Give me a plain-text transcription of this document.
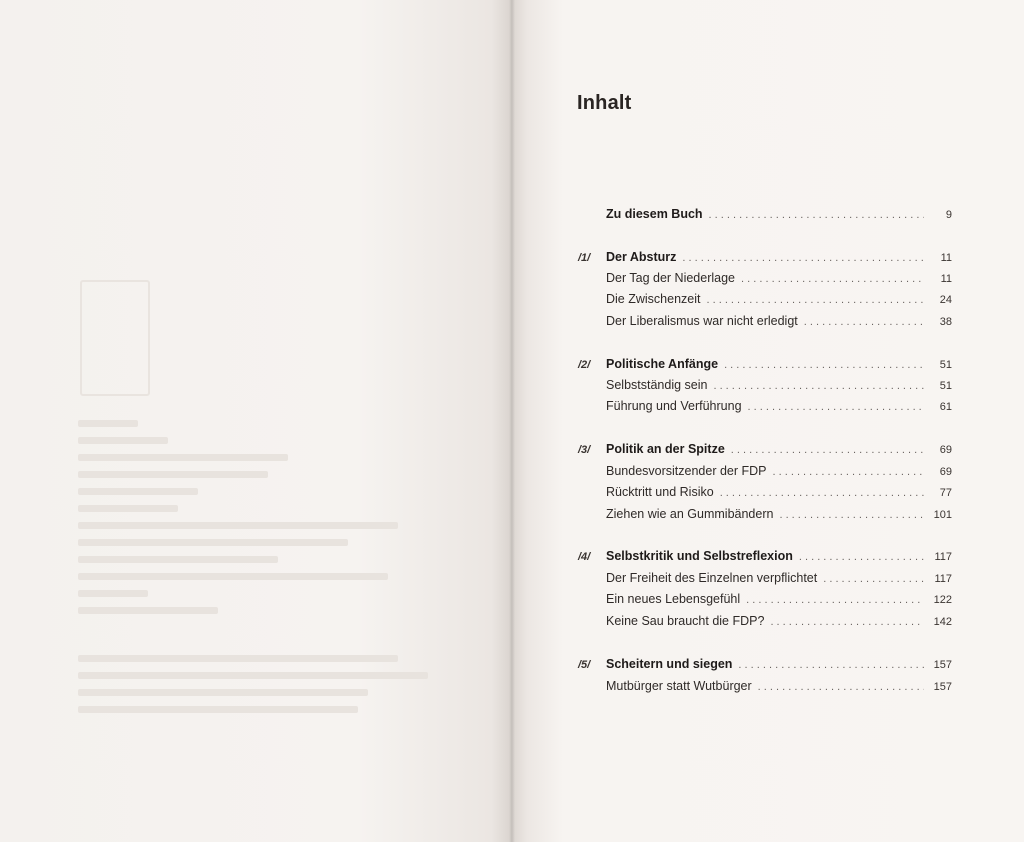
Inhalt
Zu diesem Buch . . .	9
/1/	Der Absturz . . .	11
Der Tag der Niederlage . . .	11
Die Zwischenzeit . . .	24
Der Liberalismus war nicht erledigt . . .	38
/2/	Politische Anfänge . . .	51
Selbstständig sein . . .	51
Führung und Verführung . . .	61
/3/	Politik an der Spitze . . .	69
Bundesvorsitzender der FDP . . .	69
Rücktritt und Risiko . . .	77
Ziehen wie an Gummibändern . . .	101
/4/	Selbstkritik und Selbstreflexion . . .	117
Der Freiheit des Einzelnen verpflichtet . . .	117
Ein neues Lebensgefühl . . .	122
Keine Sau braucht die FDP? . . .	142
/5/	Scheitern und siegen . . .	157
Mutbürger statt Wutbürger . . .	157
